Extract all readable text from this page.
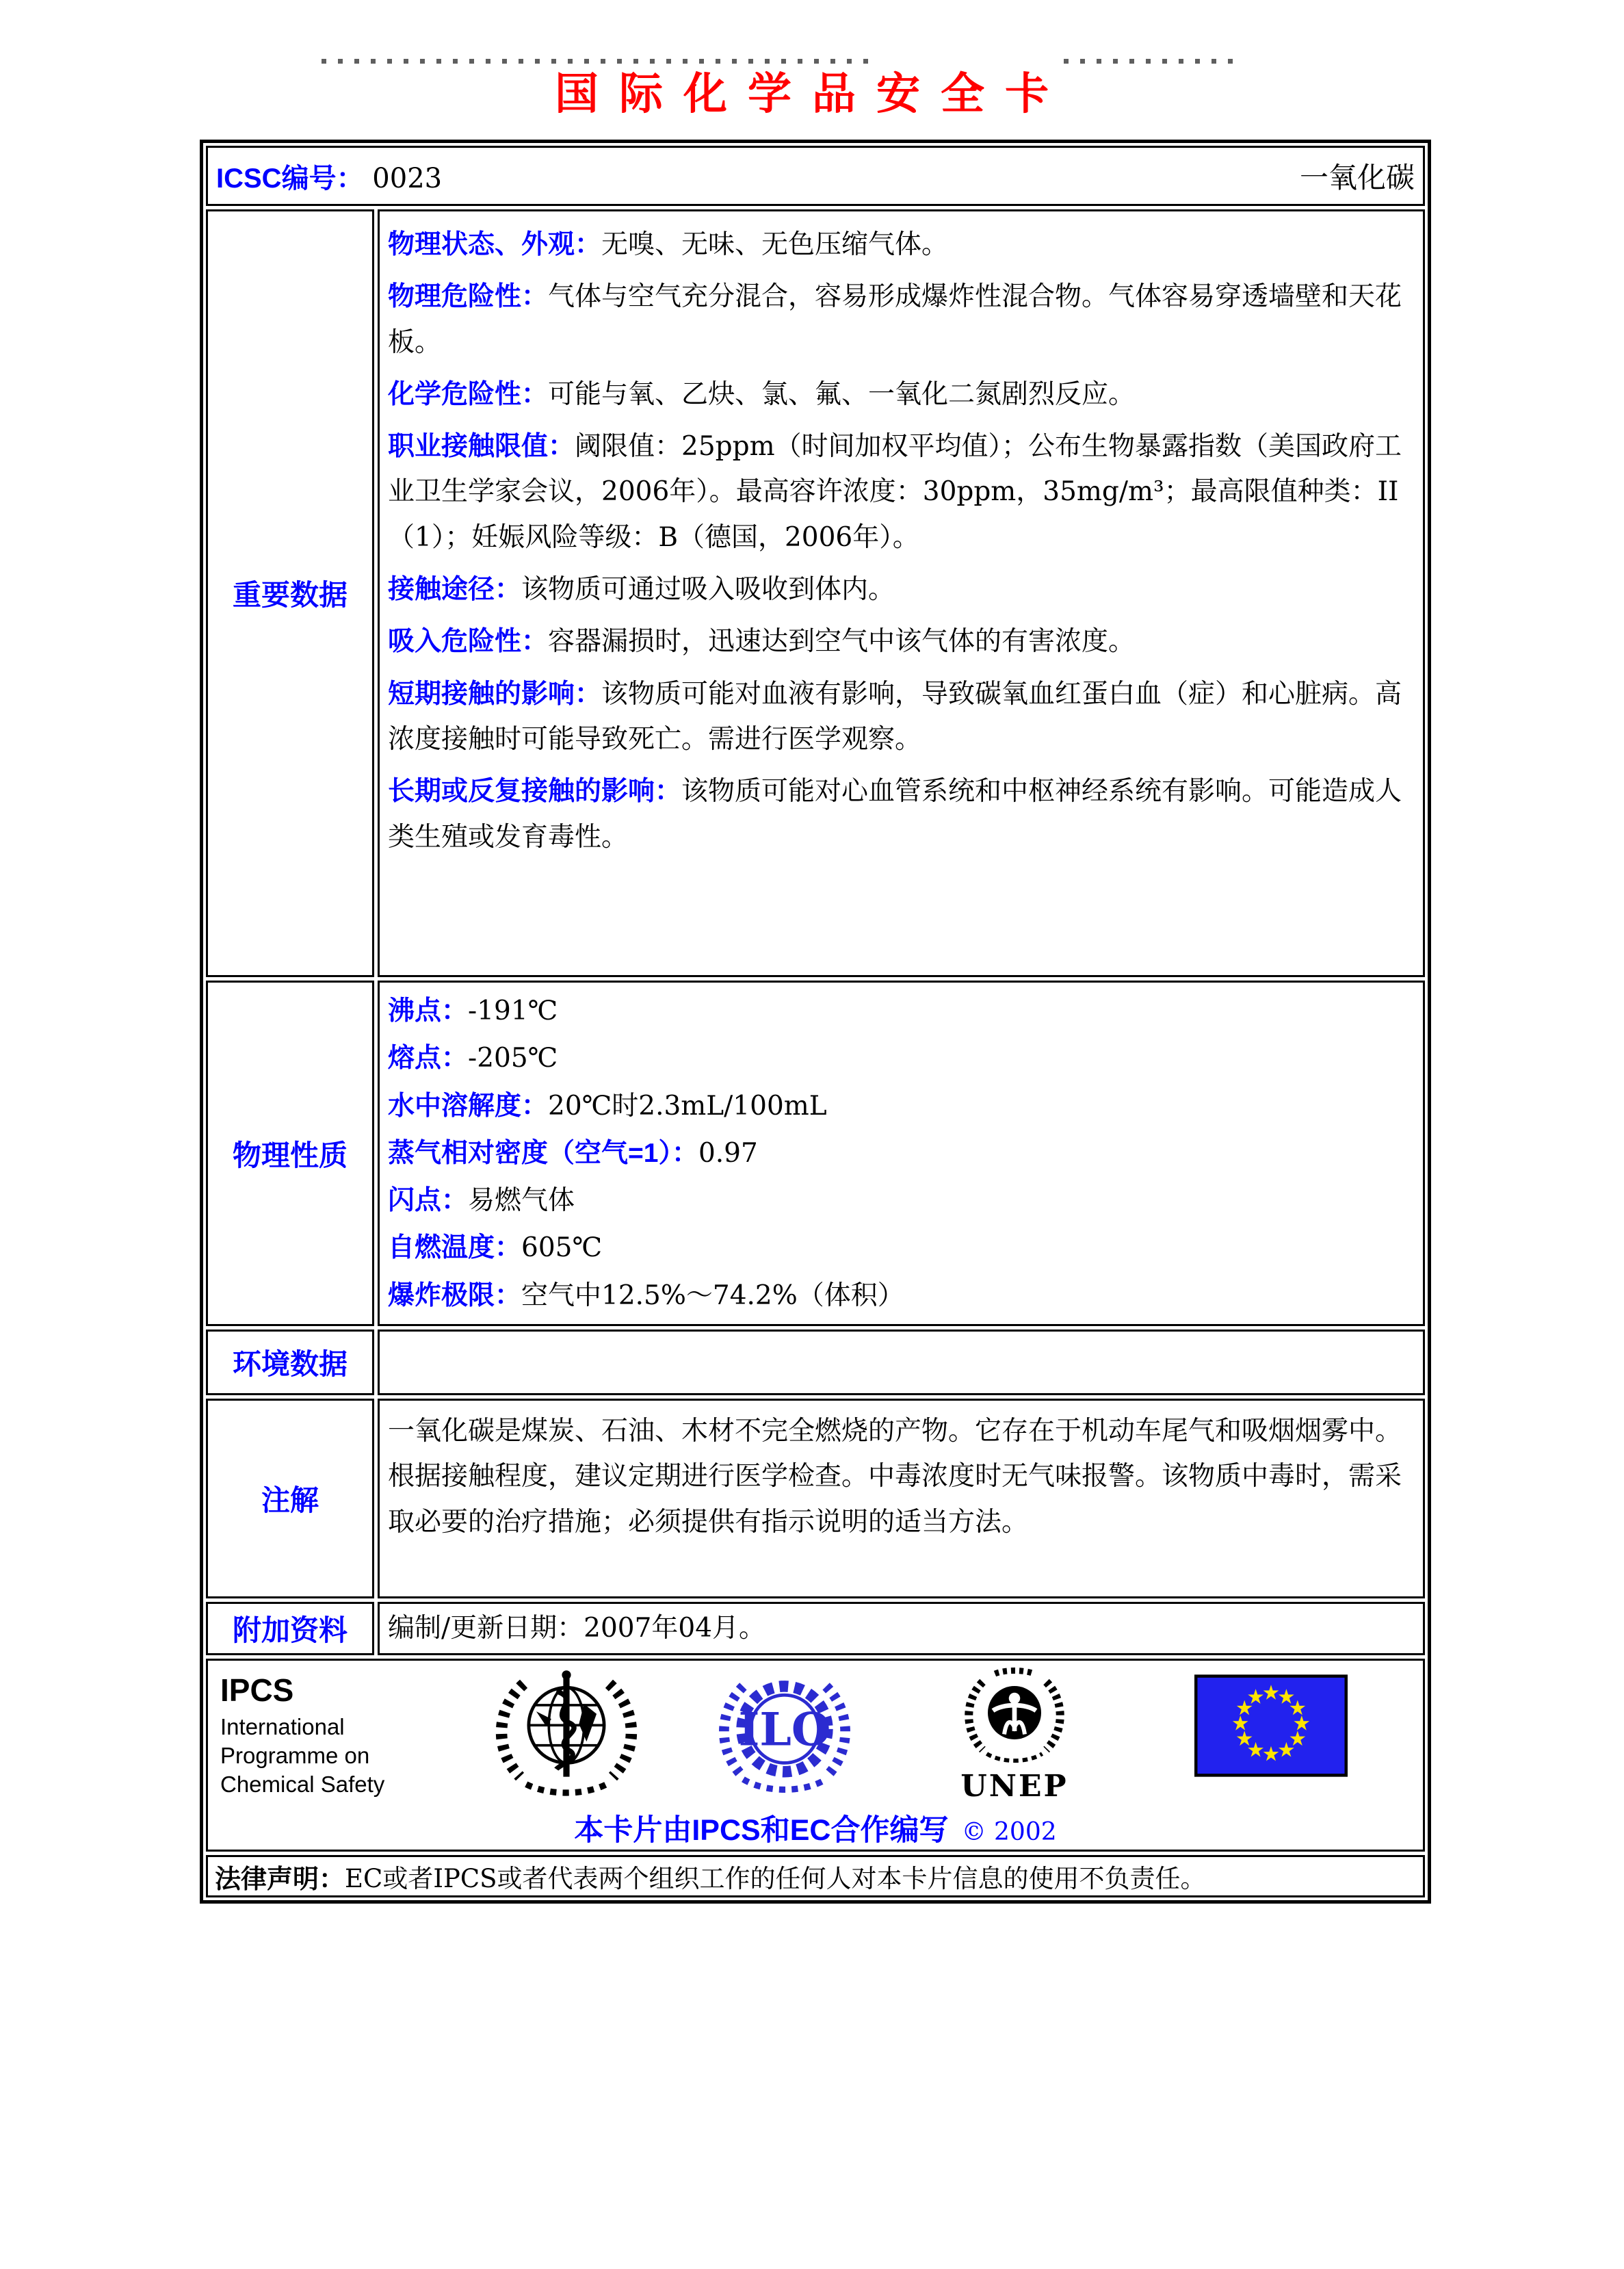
国际化学品安全卡
ICSC编号： 0023	一氧化碳
重要数据

物理状态、外观：无嗅、无味、无色压缩气体。

物理危险性：气体与空气充分混合，容易形成爆炸性混合物。气体容易穿透墙壁和天花板。

化学危险性：可能与氧、乙炔、氯、氟、一氧化二氮剧烈反应。

职业接触限值：阈限值：25ppm（时间加权平均值）；公布生物暴露指数（美国政府工业卫生学家会议，2006年）。最高容许浓度：30ppm，35mg/m³；最高限值种类：II（1）；妊娠风险等级：B（德国，2006年）。

接触途径：该物质可通过吸入吸收到体内。

吸入危险性：容器漏损时，迅速达到空气中该气体的有害浓度。

短期接触的影响：该物质可能对血液有影响，导致碳氧血红蛋白血（症）和心脏病。高浓度接触时可能导致死亡。需进行医学观察。

长期或反复接触的影响：该物质可能对心血管系统和中枢神经系统有影响。可能造成人类生殖或发育毒性。

物理性质

沸点：-191℃

熔点：-205℃

水中溶解度：20℃时2.3mL/100mL

蒸气相对密度（空气=1）：0.97

闪点：易燃气体

自燃温度：605℃

爆炸极限：空气中12.5%～74.2%（体积）

环境数据
注解

一氧化碳是煤炭、石油、木材不完全燃烧的产物。它存在于机动车尾气和吸烟烟雾中。根据接触程度，建议定期进行医学检查。中毒浓度时无气味报警。该物质中毒时，需采取必要的治疗措施；必须提供有指示说明的适当方法。

附加资料	编制/更新日期：2007年04月。
IPCS
International
Programme on
Chemical Safety
ILO
UNEP
本卡片由IPCS和EC合作编写 © 2002
法律声明： EC或者IPCS或者代表两个组织工作的任何人对本卡片信息的使用不负责任。
